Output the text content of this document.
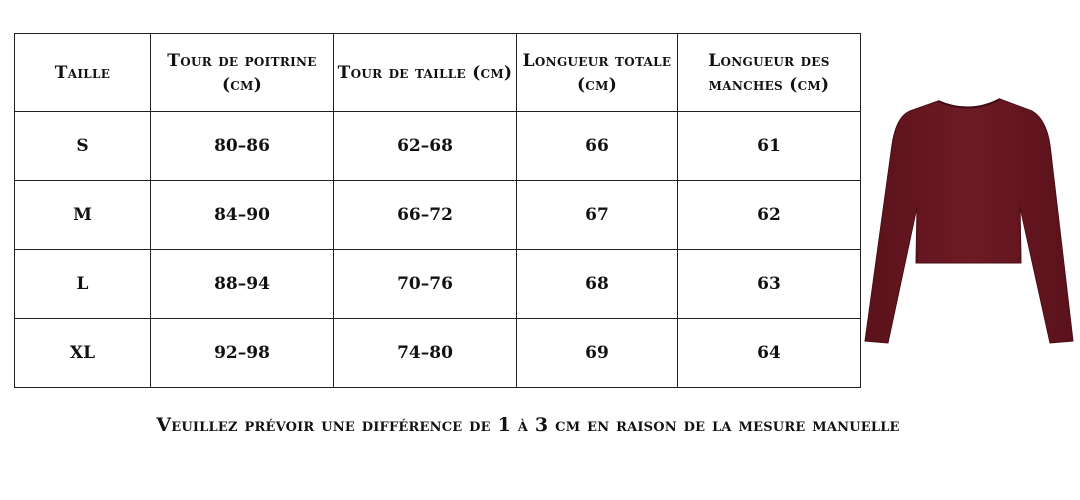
Taille	Tour de poitrine (cm)	Tour de taille (cm)	Longueur totale (cm)	Longueur des manches (cm)
S	80–86	62–68	66	61
M	84–90	66–72	67	62
L	88–94	70–76	68	63
XL	92–98	74–80	69	64
Veuillez prévoir une différence de 1 à 3 cm en raison de la mesure manuelle
